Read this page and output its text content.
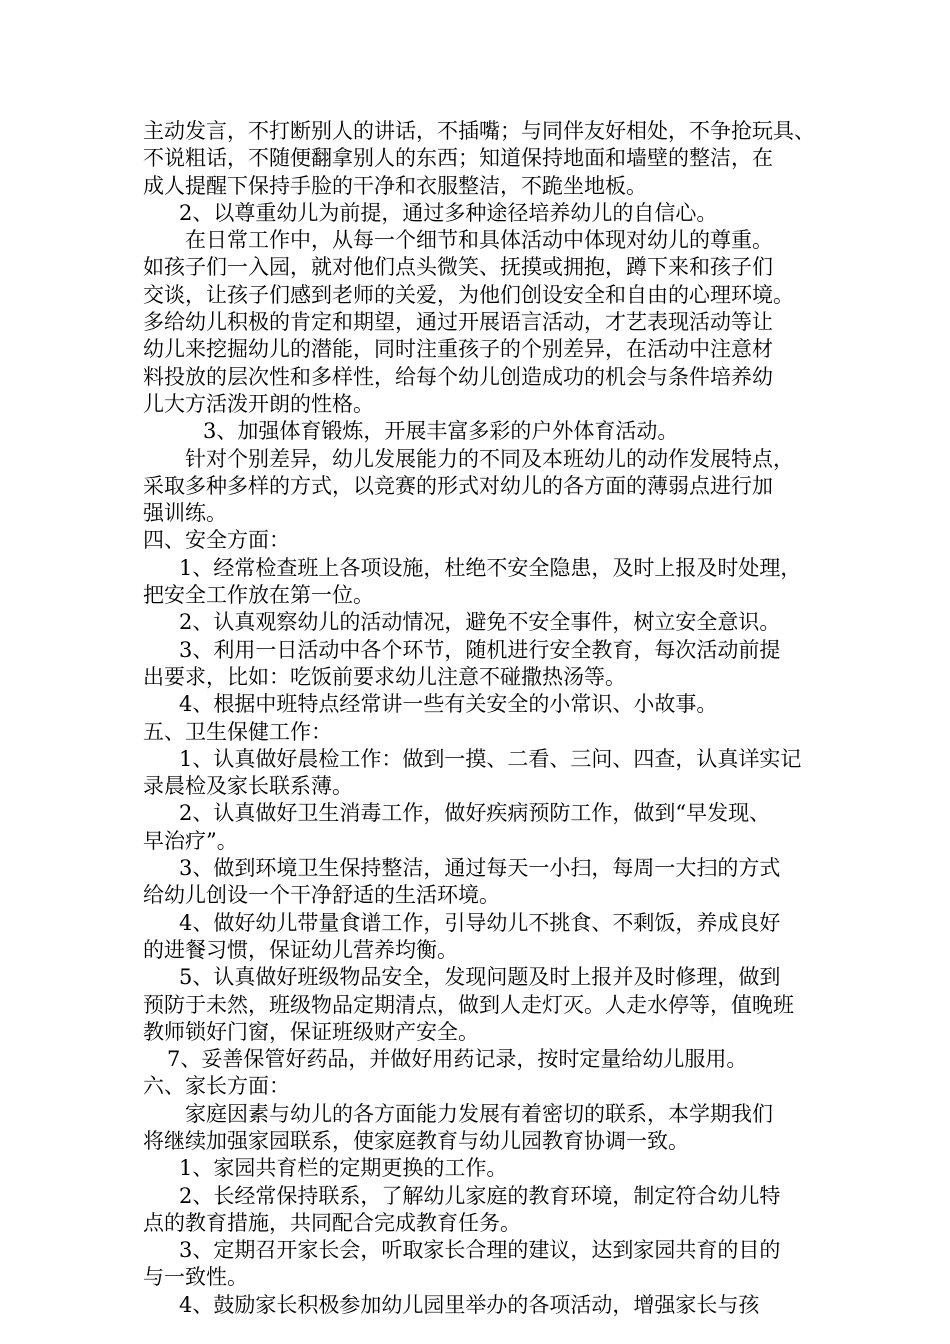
主动发言，不打断别人的讲话，不插嘴；与同伴友好相处，不争抢玩具、
不说粗话，不随便翻拿别人的东西；知道保持地面和墙壁的整洁，在
成人提醒下保持手脸的干净和衣服整洁，不跪坐地板。
2、以尊重幼儿为前提，通过多种途径培养幼儿的自信心。
在日常工作中，从每一个细节和具体活动中体现对幼儿的尊重。
如孩子们一入园，就对他们点头微笑、抚摸或拥抱，蹲下来和孩子们
交谈，让孩子们感到老师的关爱，为他们创设安全和自由的心理环境。
多给幼儿积极的肯定和期望，通过开展语言活动，才艺表现活动等让
幼儿来挖掘幼儿的潜能，同时注重孩子的个别差异，在活动中注意材
料投放的层次性和多样性，给每个幼儿创造成功的机会与条件培养幼
儿大方活泼开朗的性格。
3、加强体育锻炼，开展丰富多彩的户外体育活动。
针对个别差异，幼儿发展能力的不同及本班幼儿的动作发展特点，
采取多种多样的方式，以竞赛的形式对幼儿的各方面的薄弱点进行加
强训练。
四、安全方面：
1、经常检查班上各项设施，杜绝不安全隐患，及时上报及时处理，
把安全工作放在第一位。
2、认真观察幼儿的活动情况，避免不安全事件，树立安全意识。
3、利用一日活动中各个环节，随机进行安全教育，每次活动前提
出要求，比如：吃饭前要求幼儿注意不碰撒热汤等。
4、根据中班特点经常讲一些有关安全的小常识、小故事。
五、卫生保健工作：
1、认真做好晨检工作：做到一摸、二看、三问、四查，认真详实记
录晨检及家长联系薄。
2、认真做好卫生消毒工作，做好疾病预防工作，做到“早发现、
早治疗”。
3、做到环境卫生保持整洁，通过每天一小扫，每周一大扫的方式
给幼儿创设一个干净舒适的生活环境。
4、做好幼儿带量食谱工作，引导幼儿不挑食、不剩饭，养成良好
的进餐习惯，保证幼儿营养均衡。
5、认真做好班级物品安全，发现问题及时上报并及时修理，做到
预防于未然，班级物品定期清点，做到人走灯灭。人走水停等，值晚班
教师锁好门窗，保证班级财产安全。
7、妥善保管好药品，并做好用药记录，按时定量给幼儿服用。
六、家长方面：
家庭因素与幼儿的各方面能力发展有着密切的联系，本学期我们
将继续加强家园联系，使家庭教育与幼儿园教育协调一致。
1、家园共育栏的定期更换的工作。
2、长经常保持联系，了解幼儿家庭的教育环境，制定符合幼儿特
点的教育措施，共同配合完成教育任务。
3、定期召开家长会，听取家长合理的建议，达到家园共育的目的
与一致性。
4、鼓励家长积极参加幼儿园里举办的各项活动，增强家长与孩
